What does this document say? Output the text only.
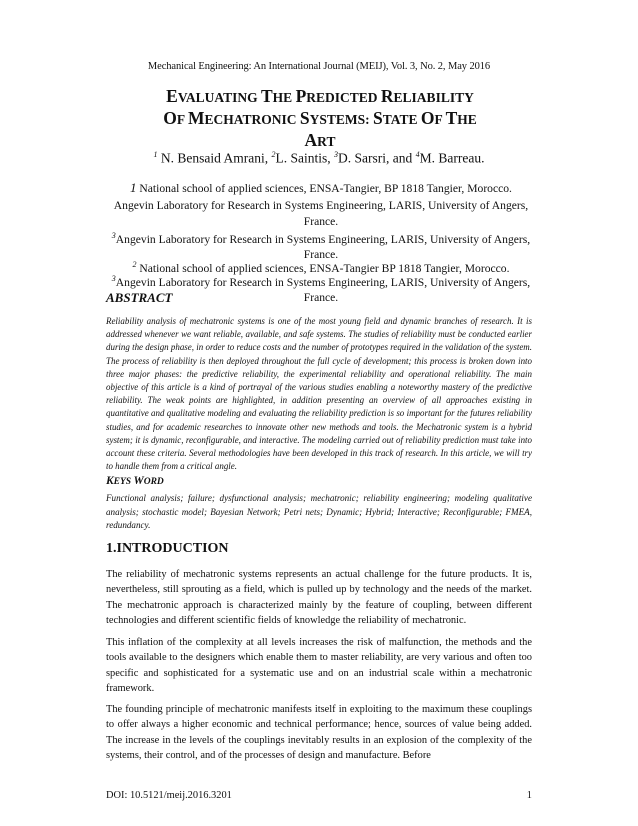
Mechanical Engineering: An International Journal (MEIJ), Vol. 3, No. 2, May 2016
EVALUATING THE PREDICTED RELIABILITY
OF MECHATRONIC SYSTEMS: STATE OF THE
ART
$^1$ N. Bensaid Amrani, $^2$L. Saintis, $^3$D. Sarsri, and $^4$M. Barreau.
1 National school of applied sciences, ENSA-Tangier, BP 1818 Tangier, Morocco.
Angevin Laboratory for Research in Systems Engineering, LARIS, University of Angers, France.
$^3$Angevin Laboratory for Research in Systems Engineering, LARIS, University of Angers, France.
$^2$ National school of applied sciences, ENSA-Tangier BP 1818 Tangier, Morocco.
$^3$Angevin Laboratory for Research in Systems Engineering, LARIS, University of Angers, France.
ABSTRACT
Reliability analysis of mechatronic systems is one of the most young field and dynamic branches of research. It is addressed whenever we want reliable, available, and safe systems. The studies of reliability must be conducted earlier during the design phase, in order to reduce costs and the number of prototypes required in the validation of the system. The process of reliability is then deployed throughout the full cycle of development; this process is broken down into three major phases: the predictive reliability, the experimental reliability and operational reliability. The main objective of this article is a kind of portrayal of the various studies enabling a noteworthy mastery of the predictive reliability. The weak points are highlighted, in addition presenting an overview of all approaches existing in quantitative and qualitative modeling and evaluating the reliability prediction is so important for the futures reliability studies, and for academic researches to innovate other new methods and tools. the Mechatronic system is a hybrid system; it is dynamic, reconfigurable, and interactive. The modeling carried out of reliability prediction must take into account these criteria. Several methodologies have been developed in this track of research. In this article, we will try to handle them from a critical angle.
KEYS WORD
Functional analysis; failure; dysfunctional analysis; mechatronic; reliability engineering; modeling qualitative analysis; stochastic model; Bayesian Network; Petri nets; Dynamic; Hybrid; Interactive; Reconfigurable; FMEA, redundancy.
1.INTRODUCTION
The reliability of mechatronic systems represents an actual challenge for the future products. It is, nevertheless, still sprouting as a field, which is pulled up by technology and the needs of the market. The mechatronic approach is characterized mainly by the feature of coupling, between different technologies and different scientific fields of knowledge the reliability of mechatronic.
This inflation of the complexity at all levels increases the risk of malfunction, the methods and the tools available to the designers which enable them to master reliability, are very various and often too specific and sophisticated for a systematic use and on an industrial scale within a mechatronic framework.
The founding principle of mechatronic manifests itself in exploiting to the maximum these couplings to offer always a higher economic and technical performance; hence, sources of value being added. The increase in the levels of the couplings inevitably results in an explosion of the complexity of the systems, their control, and of the processes of design and manufacture. Before
DOI: 10.5121/meij.2016.3201	1
